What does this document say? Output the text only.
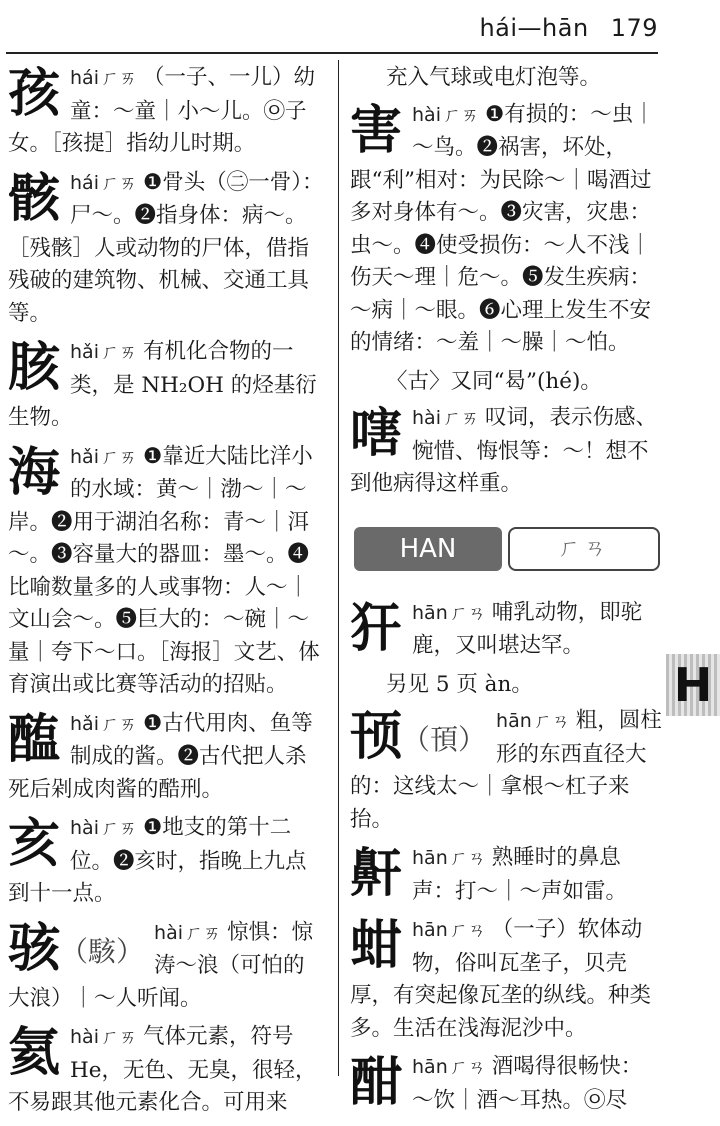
hái—hān 179
孩 hái ㄏㄞ （一子、一儿）幼童：～童｜小～儿。㉧子女。［孩提］指幼儿时期。
骸 hái ㄏㄞ ❶骨头（㊁一骨）：尸～。❷指身体：病～。［残骸］人或动物的尸体，借指残破的建筑物、机械、交通工具等。
胲 hǎi ㄏㄞ 有机化合物的一类，是 NH₂OH 的烃基衍生物。
海 hǎi ㄏㄞ ❶靠近大陆比洋小的水域：黄～｜渤～｜～岸。❷用于湖泊名称：青～｜洱～。❸容量大的器皿：墨～。❹比喻数量多的人或事物：人～｜文山会～。❺巨大的：～碗｜～量｜夸下～口。［海报］文艺、体育演出或比赛等活动的招贴。
醢 hǎi ㄏㄞ ❶古代用肉、鱼等制成的酱。❷古代把人杀死后剁成肉酱的酷刑。
亥 hài ㄏㄞ ❶地支的第十二位。❷亥时，指晚上九点到十一点。
骇（駭）
hài ㄏㄞ 惊惧：惊涛～浪（可怕的大浪）｜～人听闻。
氦 hài ㄏㄞ 气体元素，符号He，无色、无臭，很轻，不易跟其他元素化合。可用来
充入气球或电灯泡等。
害 hài ㄏㄞ ❶有损的：～虫｜～鸟。❷祸害，坏处，跟“利”相对：为民除～｜喝酒过多对身体有～。❸灾害，灾患：虫～。❹使受损伤：～人不浅｜伤天～理｜危～。❺发生疾病：～病｜～眼。❻心理上发生不安的情绪：～羞｜～臊｜～怕。
〈古〉又同“曷”(hé)。
嗐 hài ㄏㄞ 叹词，表示伤感、惋惜、悔恨等：～！想不到他病得这样重。
HAN	ㄏㄢ
犴 hān ㄏㄢ 哺乳动物，即驼鹿，又叫堪达罕。
另见 5 页 àn。
顸（頇）
hān ㄏㄢ 粗，圆柱形的东西直径大的：这线太～｜拿根～杠子来抬。
鼾 hān ㄏㄢ 熟睡时的鼻息声：打～｜～声如雷。
蚶 hān ㄏㄢ （一子）软体动物，俗叫瓦垄子，贝壳厚，有突起像瓦垄的纵线。种类多。生活在浅海泥沙中。
酣 hān ㄏㄢ 酒喝得很畅快：～饮｜酒～耳热。㉧尽
H
